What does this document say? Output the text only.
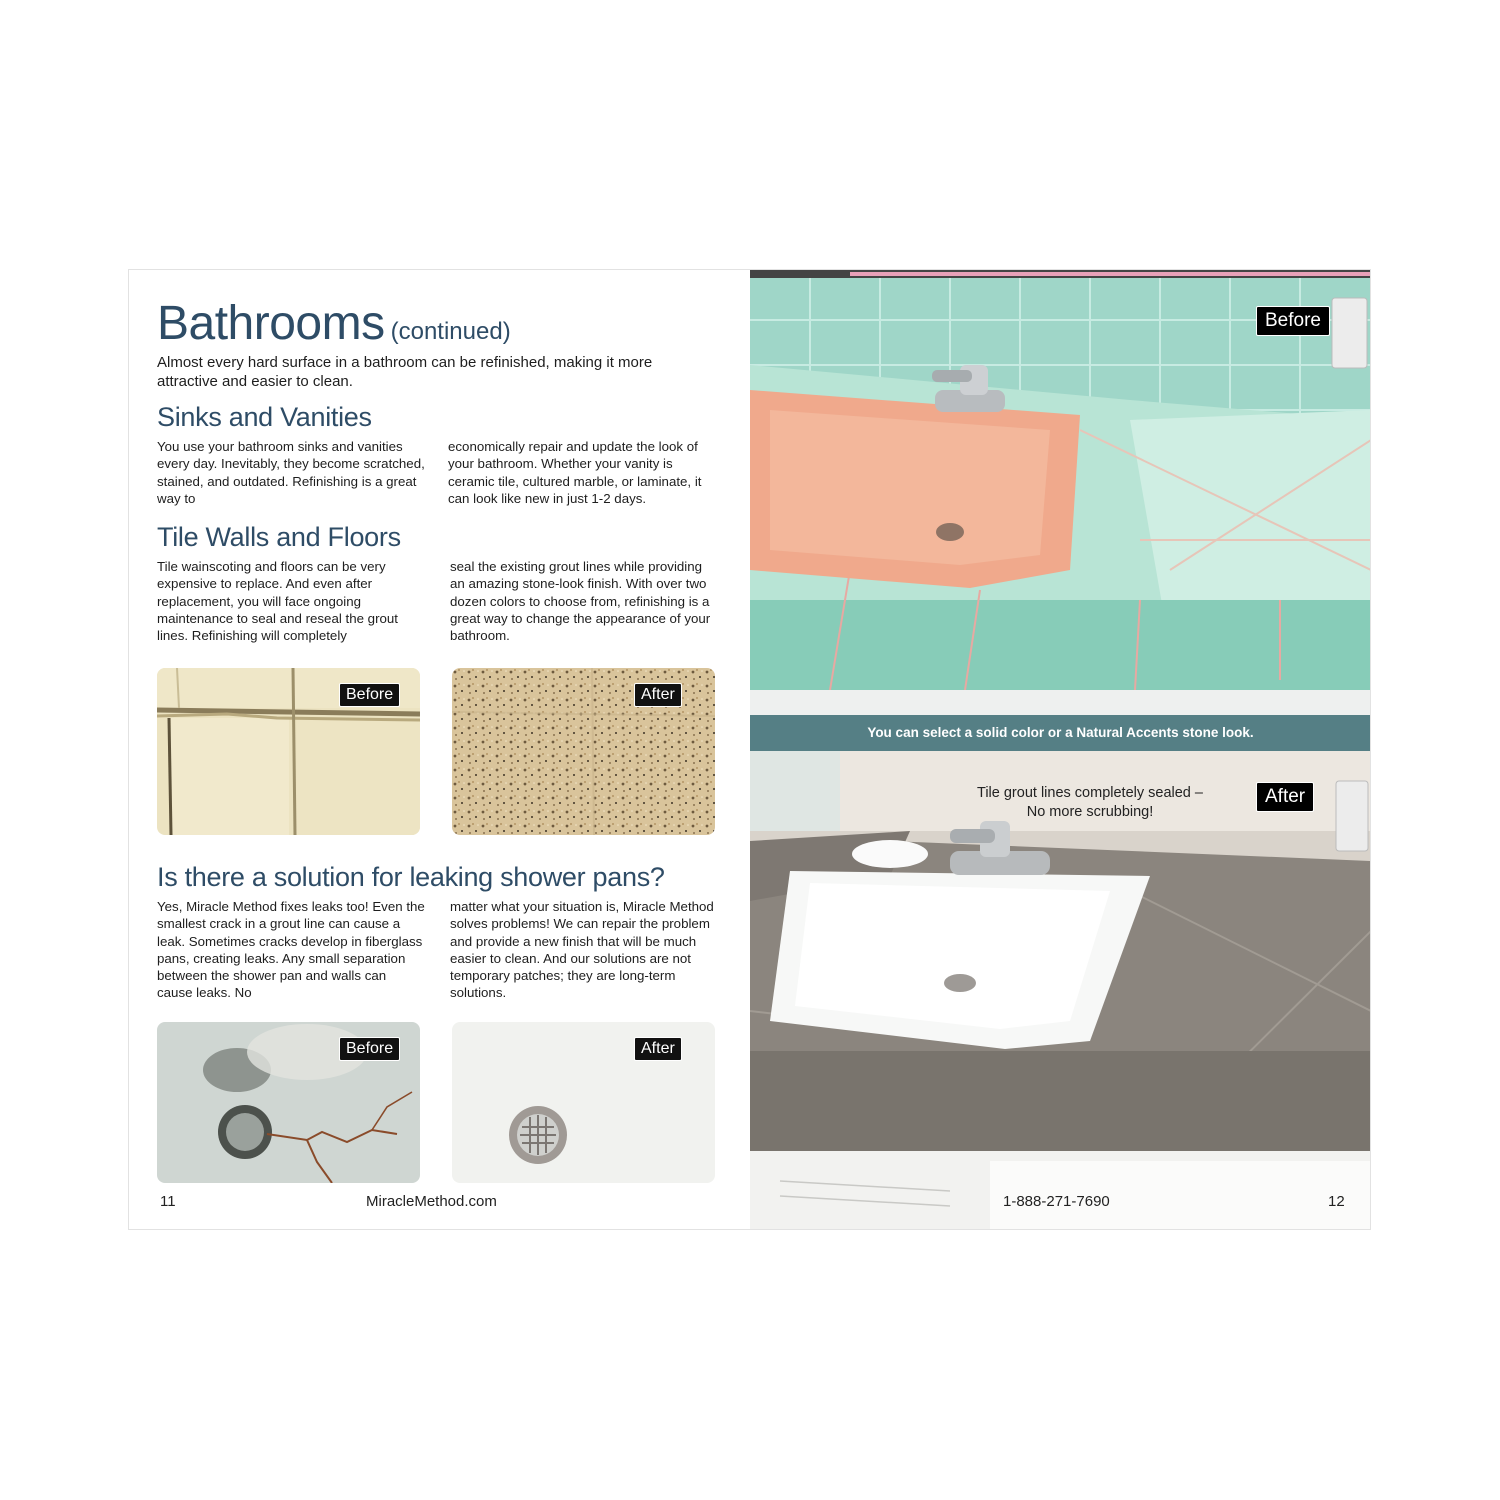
Bathrooms (continued)
Almost every hard surface in a bathroom can be refinished, making it more attractive and easier to clean.
Sinks and Vanities
You use your bathroom sinks and vanities every day. Inevitably, they become scratched, stained, and outdated. Refinishing is a great way to
economically repair and update the look of your bathroom. Whether your vanity is ceramic tile, cultured marble, or laminate, it can look like new in just 1-2 days.
Tile Walls and Floors
Tile wainscoting and floors can be very expensive to replace. And even after replacement, you will face ongoing maintenance to seal and reseal the grout lines. Refinishing will completely
seal the existing grout lines while providing an amazing stone-look finish. With over two dozen colors to choose from, refinishing is a great way to change the appearance of your bathroom.
Before	After
Is there a solution for leaking shower pans?
Yes, Miracle Method fixes leaks too! Even the smallest crack in a grout line can cause a leak. Sometimes cracks develop in fiberglass pans, creating leaks. Any small separation between the shower pan and walls can cause leaks. No
matter what your situation is, Miracle Method solves problems! We can repair the problem and provide a new finish that will be much easier to clean. And our solutions are not temporary patches; they are long-term solutions.
Before	After
11	MiracleMethod.com
Before
You can select a solid color or a Natural Accents stone look.
Tile grout lines completely sealed –
No more scrubbing!
After
1-888-271-7690	12
